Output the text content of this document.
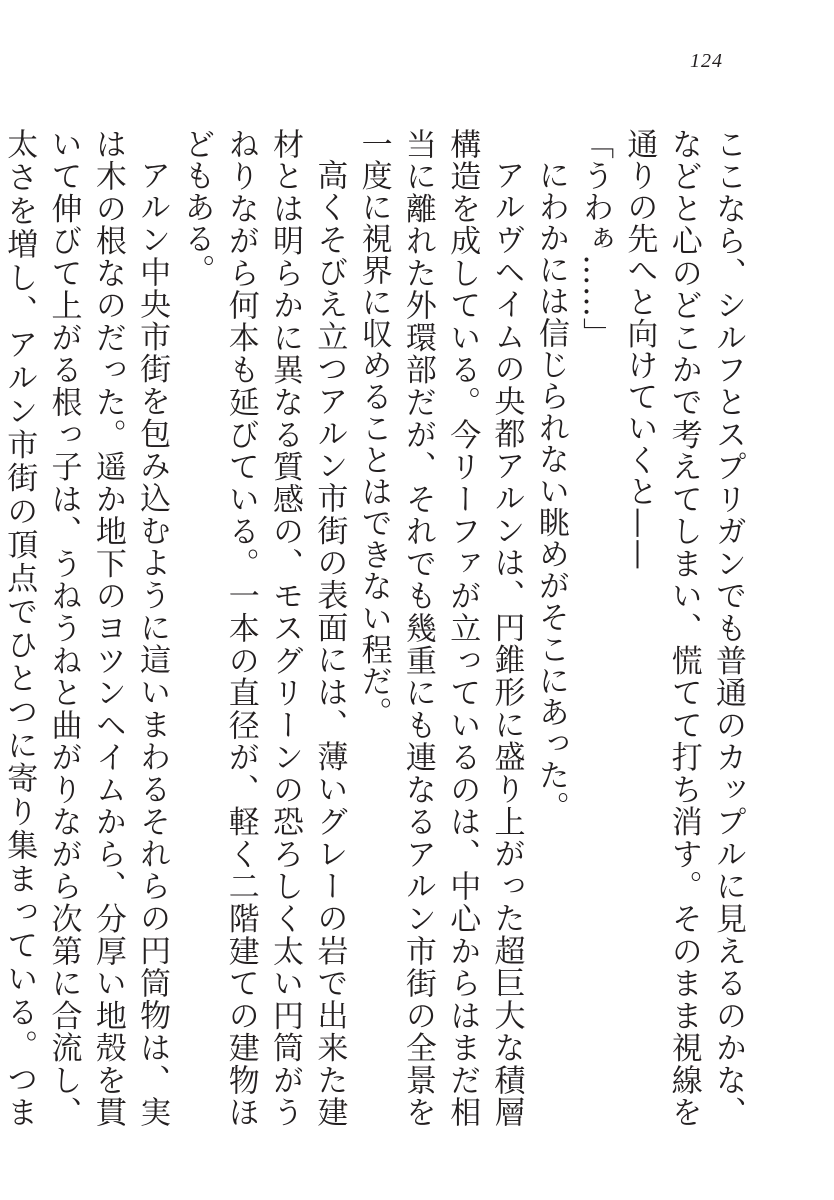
124

ここなら、シルフとスプリガンでも普通のカップルに見えるのかな、などと心のどこかで考えてしまい、慌てて打ち消す。そのまま視線を通りの先へと向けていくと——

「うわぁ……」

にわかには信じられない眺めがそこにあった。

アルヴヘイムの央都アルンは、円錐形に盛り上がった超巨大な積層構造を成している。今リーファが立っているのは、中心からはまだ相当に離れた外環部だが、それでも幾重にも連なるアルン市街の全景を一度に視界に収めることはできない程だ。

高くそびえ立つアルン市街の表面には、薄いグレーの岩で出来た建材とは明らかに異なる質感の、モスグリーンの恐ろしく太い円筒がうねりながら何本も延びている。一本の直径が、軽く二階建ての建物ほどもある。

アルン中央市街を包み込むように這いまわるそれらの円筒物は、実は木の根なのだった。遥か地下のヨツンヘイムから、分厚い地殻を貫いて伸びて上がる根っ子は、うねうねと曲がりながら次第に合流し、太さを増し、アルン市街の頂点でひとつに寄り集まっている。つま
